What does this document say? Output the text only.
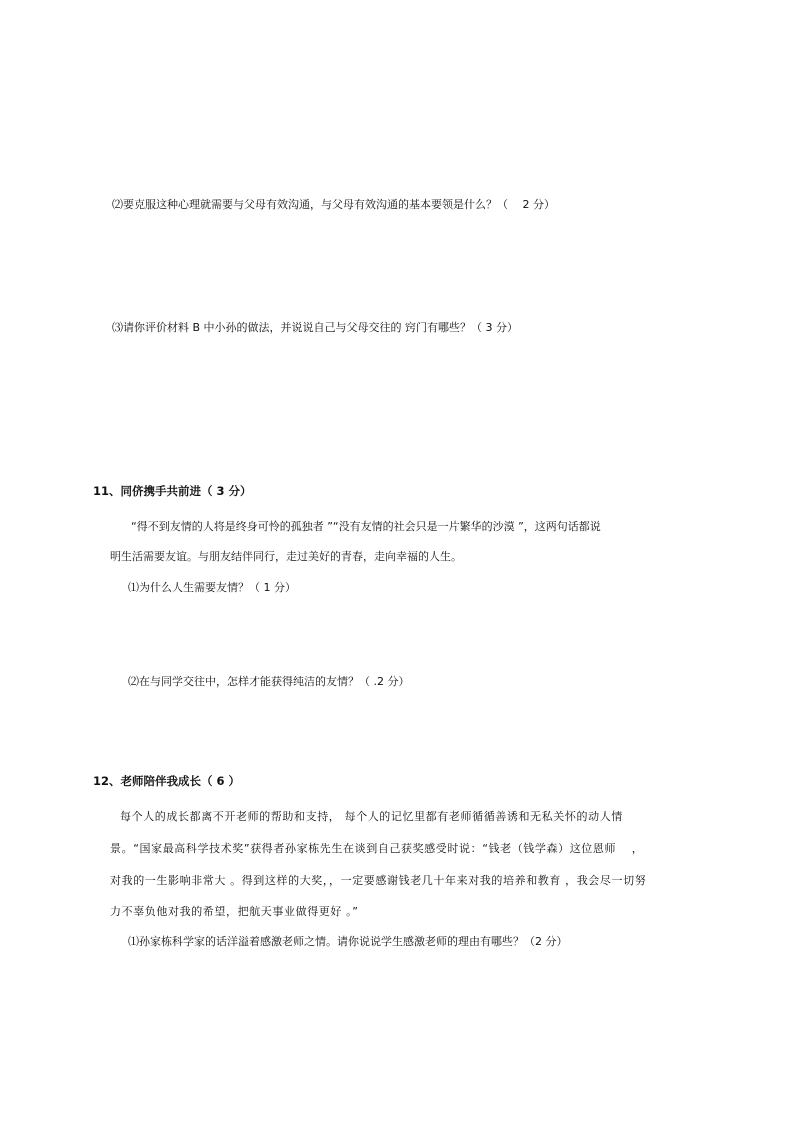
⑵要克服这种心理就需要与父母有效沟通，与父母有效沟通的基本要领是什么？（　 2 分）
⑶请你评价材料 B 中小孙的做法，并说说自己与父母交往的 窍门有哪些？（ 3 分）
11、同侪携手共前进（ 3 分）
“得不到友情的人将是终身可怜的孤独者 ”“没有友情的社会只是一片繁华的沙漠 ”，这两句话都说
明生活需要友谊。与朋友结伴同行，走过美好的青春，走向幸福的人生。
⑴为什么人生需要友情？（ 1 分）
⑵在与同学交往中，怎样才能获得纯洁的友情？（ .2 分）
12、老师陪伴我成长（ 6 ）
每个人的成长都离不开老师的帮助和支持， 每个人的记忆里都有老师循循善诱和无私关怀的动人情
景。“国家最高科学技术奖”获得者孙家栋先生在谈到自己获奖感受时说：“钱老（钱学森）这位恩师 　，
对我的一生影响非常大 。得到这样的大奖，，一定要感谢钱老几十年来对我的培养和教育 ，我会尽一切努
力不辜负他对我的希望，把航天事业做得更好 。”
⑴孙家栋科学家的话洋溢着感激老师之情。请你说说学生感激老师的理由有哪些？（2 分）
